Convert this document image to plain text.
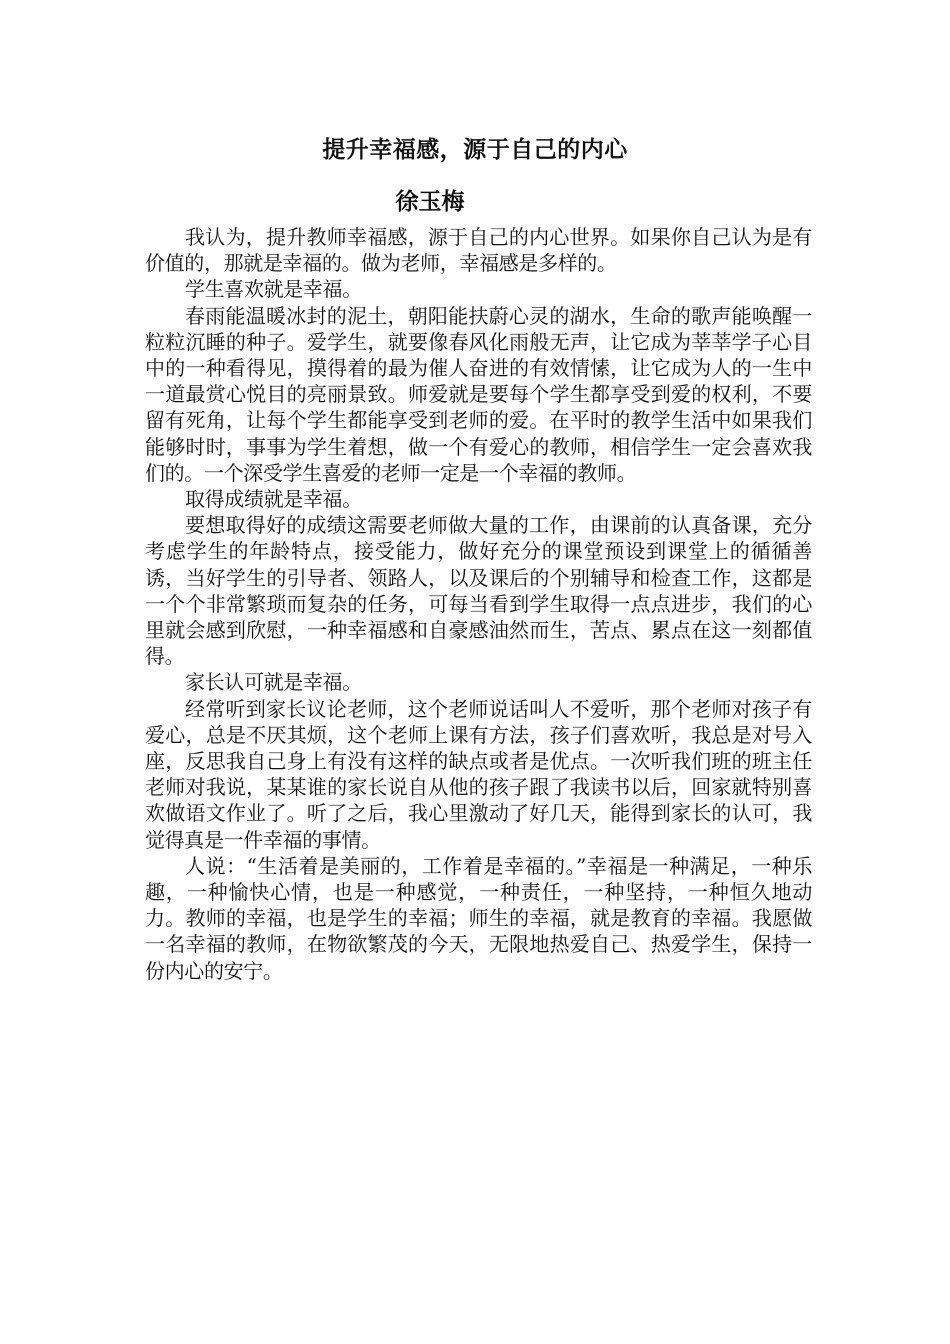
提升幸福感，源于自己的内心
徐玉梅

我认为，提升教师幸福感，源于自己的内心世界。如果你自己认为是有价值的，那就是幸福的。做为老师，幸福感是多样的。

学生喜欢就是幸福。

春雨能温暖冰封的泥土，朝阳能扶蔚心灵的湖水，生命的歌声能唤醒一粒粒沉睡的种子。爱学生，就要像春风化雨般无声，让它成为莘莘学子心目中的一种看得见，摸得着的最为催人奋进的有效情愫，让它成为人的一生中一道最赏心悦目的亮丽景致。师爱就是要每个学生都享受到爱的权利，不要留有死角，让每个学生都能享受到老师的爱。在平时的教学生活中如果我们能够时时，事事为学生着想，做一个有爱心的教师，相信学生一定会喜欢我们的。一个深受学生喜爱的老师一定是一个幸福的教师。

取得成绩就是幸福。

要想取得好的成绩这需要老师做大量的工作，由课前的认真备课，充分考虑学生的年龄特点，接受能力，做好充分的课堂预设到课堂上的循循善诱，当好学生的引导者、领路人，以及课后的个别辅导和检查工作，这都是一个个非常繁琐而复杂的任务，可每当看到学生取得一点点进步，我们的心里就会感到欣慰，一种幸福感和自豪感油然而生，苦点、累点在这一刻都值得。

家长认可就是幸福。

经常听到家长议论老师，这个老师说话叫人不爱听，那个老师对孩子有爱心，总是不厌其烦，这个老师上课有方法，孩子们喜欢听，我总是对号入座，反思我自己身上有没有这样的缺点或者是优点。一次听我们班的班主任老师对我说，某某谁的家长说自从他的孩子跟了我读书以后，回家就特别喜欢做语文作业了。听了之后，我心里激动了好几天，能得到家长的认可，我觉得真是一件幸福的事情。

人说：“生活着是美丽的，工作着是幸福的。”幸福是一种满足，一种乐趣，一种愉快心情，也是一种感觉，一种责任，一种坚持，一种恒久地动力。教师的幸福，也是学生的幸福；师生的幸福，就是教育的幸福。我愿做一名幸福的教师，在物欲繁茂的今天，无限地热爱自己、热爱学生，保持一份内心的安宁。
